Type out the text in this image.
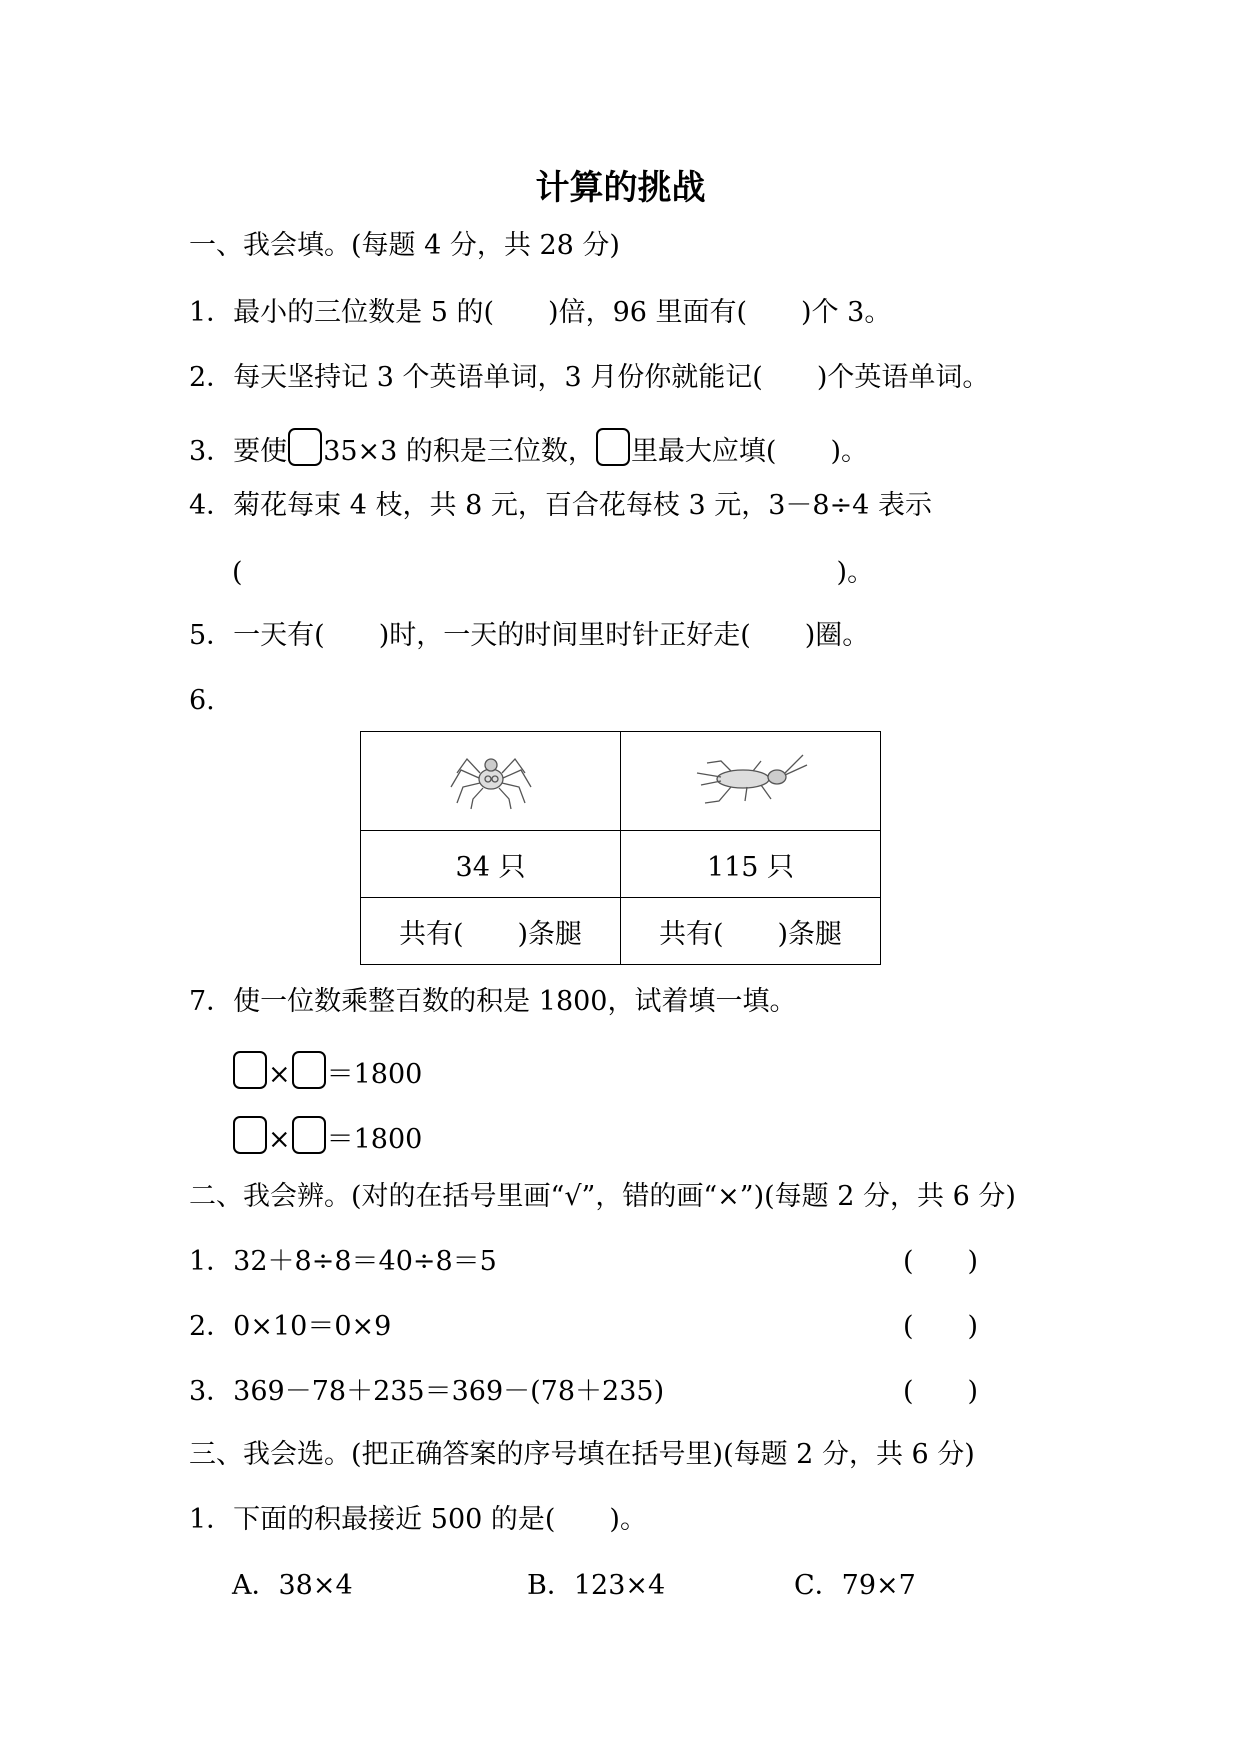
计算的挑战
一、我会填。(每题 4 分，共 28 分)
1．最小的三位数是 5 的(　　)倍，96 里面有(　　)个 3。
2．每天坚持记 3 个英语单词，3 月份你就能记(　　)个英语单词。
3．要使 35×3 的积是三位数， 里最大应填(　　)。
4．菊花每束 4 枝，共 8 元，百合花每枝 3 元，3－8÷4 表示
(　　　　　　　　　　　　　　　　　　　　　　)。
5．一天有(　　)时，一天的时间里时针正好走(　　)圈。
6.

34 只	115 只
共有(　　)条腿	共有(　　)条腿
7．使一位数乘整百数的积是 1800，试着填一填。
× ＝1800
× ＝1800
二、我会辨。(对的在括号里画“√”，错的画“×”)(每题 2 分，共 6 分)
1．32＋8÷8＝40÷8＝5	(　　)
2．0×10＝0×9	(　　)
3．369－78＋235＝369－(78＋235)	(　　)
三、我会选。(把正确答案的序号填在括号里)(每题 2 分，共 6 分)
1．下面的积最接近 500 的是(　　)。
A．38×4	B．123×4	C．79×7
